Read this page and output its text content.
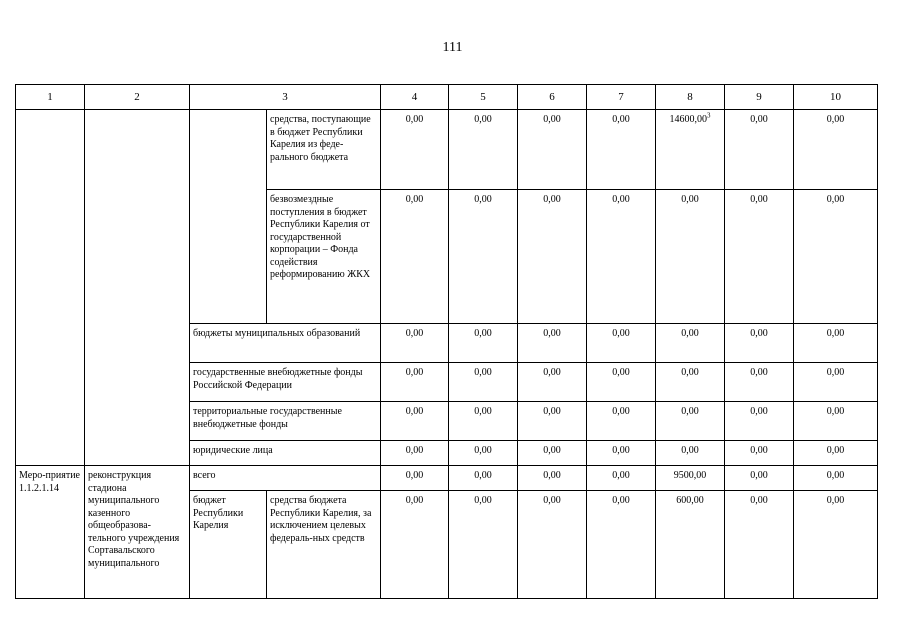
111
1	2	3		4	5	6	7	8	9	10
			средства, поступающие в бюджет Республики Карелия из феде-рального бюджета	0,00	0,00	0,00	0,00	14600,00$^3$	0,00	0,00
			безвозмездные поступления в бюджет Республики Карелия от государственной корпорации – Фонда содействия реформированию ЖКХ	0,00	0,00	0,00	0,00	0,00	0,00	0,00
		бюджеты муниципальных образований		0,00	0,00	0,00	0,00	0,00	0,00	0,00
		государственные внебюджетные фонды Российской Федерации		0,00	0,00	0,00	0,00	0,00	0,00	0,00
		территориальные государственные внебюджетные фонды		0,00	0,00	0,00	0,00	0,00	0,00	0,00
		юридические лица		0,00	0,00	0,00	0,00	0,00	0,00	0,00
Меро-приятие 1.1.2.1.14	реконструкция стадиона муниципального казенного общеобразова-тельного учреждения Сортавальского муниципального	всего		0,00	0,00	0,00	0,00	9500,00	0,00	0,00
		бюджет Республики Карелия	средства бюджета Республики Карелия, за исключением целевых федераль-ных средств	0,00	0,00	0,00	0,00	600,00	0,00	0,00
